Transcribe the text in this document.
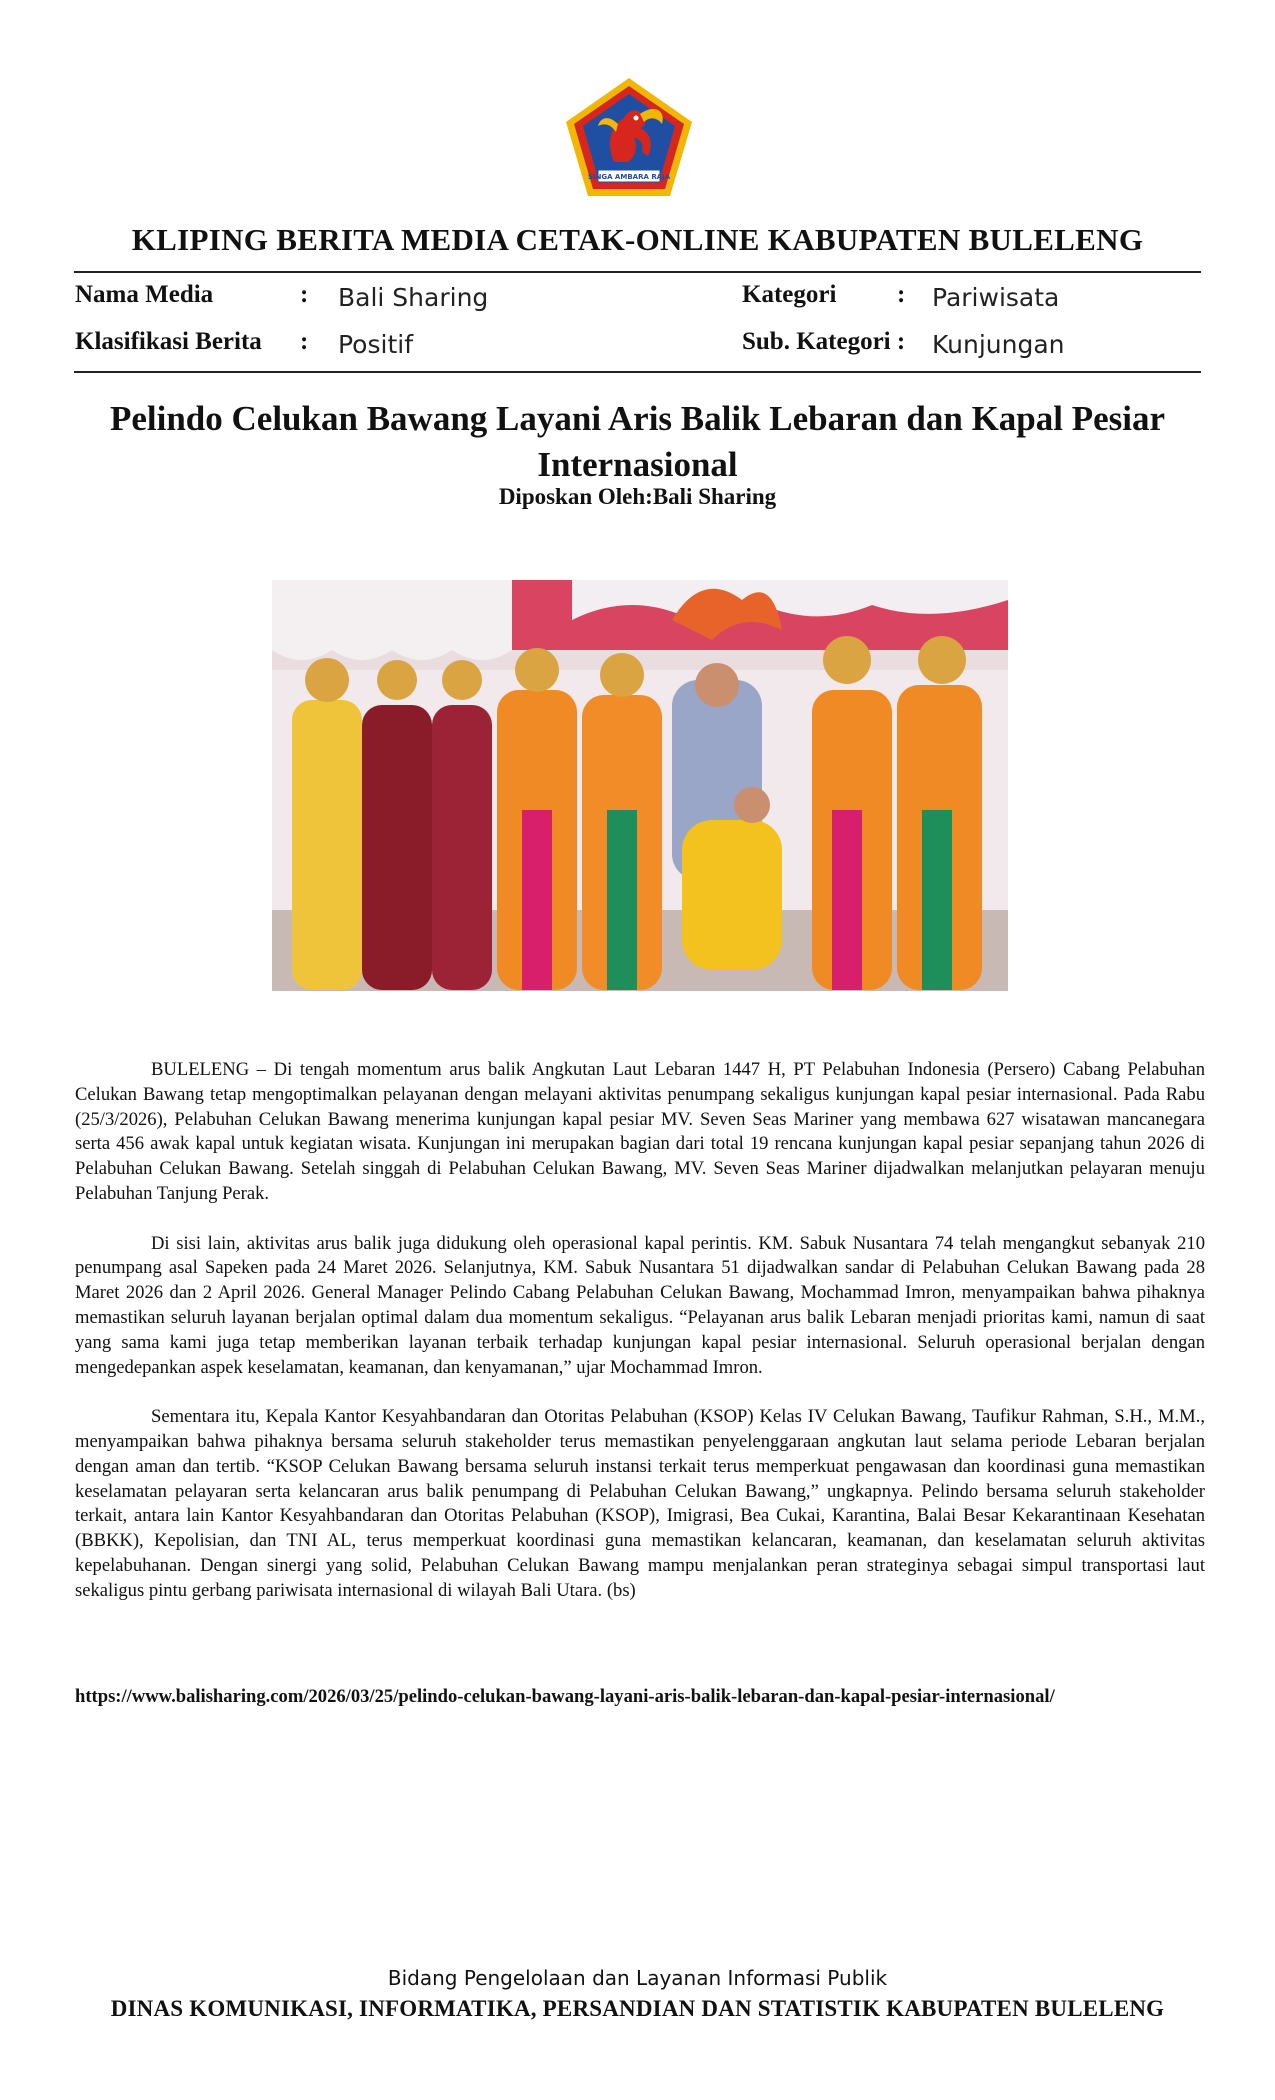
SINGA AMBARA RAJA
KLIPING BERITA MEDIA CETAK-ONLINE KABUPATEN BULELENG
Nama Media	: Bali Sharing	Kategori : Pariwisata
Klasifikasi Berita : Positif	Sub. Kategori : Kunjungan
Pelindo Celukan Bawang Layani Aris Balik Lebaran dan Kapal Pesiar Internasional
Diposkan Oleh:Bali Sharing

BULELENG – Di tengah momentum arus balik Angkutan Laut Lebaran 1447 H, PT Pelabuhan Indonesia (Persero) Cabang Pelabuhan Celukan Bawang tetap mengoptimalkan pelayanan dengan melayani aktivitas penumpang sekaligus kunjungan kapal pesiar internasional. Pada Rabu (25/3/2026), Pelabuhan Celukan Bawang menerima kunjungan kapal pesiar MV. Seven Seas Mariner yang membawa 627 wisatawan mancanegara serta 456 awak kapal untuk kegiatan wisata. Kunjungan ini merupakan bagian dari total 19 rencana kunjungan kapal pesiar sepanjang tahun 2026 di Pelabuhan Celukan Bawang. Setelah singgah di Pelabuhan Celukan Bawang, MV. Seven Seas Mariner dijadwalkan melanjutkan pelayaran menuju Pelabuhan Tanjung Perak.

Di sisi lain, aktivitas arus balik juga didukung oleh operasional kapal perintis. KM. Sabuk Nusantara 74 telah mengangkut sebanyak 210 penumpang asal Sapeken pada 24 Maret 2026. Selanjutnya, KM. Sabuk Nusantara 51 dijadwalkan sandar di Pelabuhan Celukan Bawang pada 28 Maret 2026 dan 2 April 2026. General Manager Pelindo Cabang Pelabuhan Celukan Bawang, Mochammad Imron, menyampaikan bahwa pihaknya memastikan seluruh layanan berjalan optimal dalam dua momentum sekaligus. “Pelayanan arus balik Lebaran menjadi prioritas kami, namun di saat yang sama kami juga tetap memberikan layanan terbaik terhadap kunjungan kapal pesiar internasional. Seluruh operasional berjalan dengan mengedepankan aspek keselamatan, keamanan, dan kenyamanan,” ujar Mochammad Imron.

Sementara itu, Kepala Kantor Kesyahbandaran dan Otoritas Pelabuhan (KSOP) Kelas IV Celukan Bawang, Taufikur Rahman, S.H., M.M., menyampaikan bahwa pihaknya bersama seluruh stakeholder terus memastikan penyelenggaraan angkutan laut selama periode Lebaran berjalan dengan aman dan tertib. “KSOP Celukan Bawang bersama seluruh instansi terkait terus memperkuat pengawasan dan koordinasi guna memastikan keselamatan pelayaran serta kelancaran arus balik penumpang di Pelabuhan Celukan Bawang,” ungkapnya. Pelindo bersama seluruh stakeholder terkait, antara lain Kantor Kesyahbandaran dan Otoritas Pelabuhan (KSOP), Imigrasi, Bea Cukai, Karantina, Balai Besar Kekarantinaan Kesehatan (BBKK), Kepolisian, dan TNI AL, terus memperkuat koordinasi guna memastikan kelancaran, keamanan, dan keselamatan seluruh aktivitas kepelabuhanan. Dengan sinergi yang solid, Pelabuhan Celukan Bawang mampu menjalankan peran strateginya sebagai simpul transportasi laut sekaligus pintu gerbang pariwisata internasional di wilayah Bali Utara. (bs)

https://www.balisharing.com/2026/03/25/pelindo-celukan-bawang-layani-aris-balik-lebaran-dan-kapal-pesiar-internasional/
Bidang Pengelolaan dan Layanan Informasi Publik
DINAS KOMUNIKASI, INFORMATIKA, PERSANDIAN DAN STATISTIK KABUPATEN BULELENG
